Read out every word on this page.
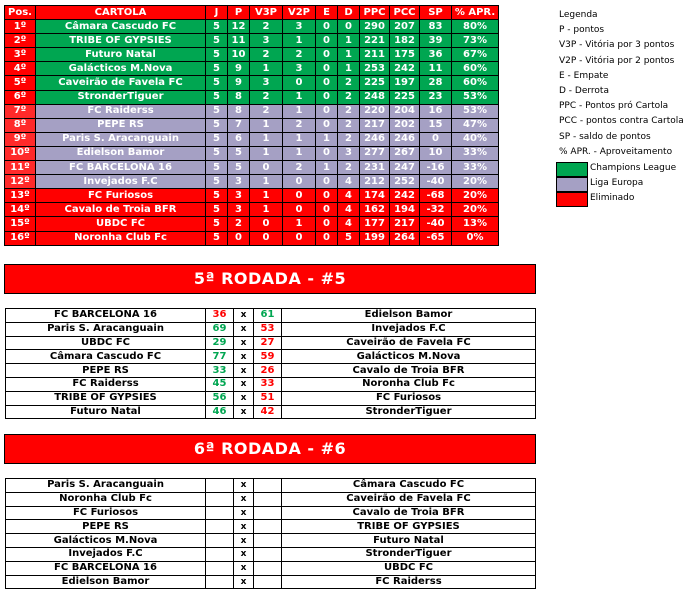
Pos.	CARTOLA	J	P	V3P	V2P	E	D	PPC	PCC	SP	% APR.
1º	Câmara Cascudo FC	5	12	2	3	0	0	290	207	83	80%
2º	TRIBE OF GYPSIES	5	11	3	1	0	1	221	182	39	73%
3º	Futuro Natal	5	10	2	2	0	1	211	175	36	67%
4º	Galácticos M.Nova	5	9	1	3	0	1	253	242	11	60%
5º	Caveirão de Favela FC	5	9	3	0	0	2	225	197	28	60%
6º	StronderTiguer	5	8	2	1	0	2	248	225	23	53%
7º	FC Raiderss	5	8	2	1	0	2	220	204	16	53%
8º	PEPE RS	5	7	1	2	0	2	217	202	15	47%
9º	Paris S. Aracanguain	5	6	1	1	1	2	246	246	0	40%
10º	Edielson Bamor	5	5	1	1	0	3	277	267	10	33%
11º	FC BARCELONA 16	5	5	0	2	1	2	231	247	-16	33%
12º	Invejados F.C	5	3	1	0	0	4	212	252	-40	20%
13º	FC Furiosos	5	3	1	0	0	4	174	242	-68	20%
14º	Cavalo de Troia BFR	5	3	1	0	0	4	162	194	-32	20%
15º	UBDC FC	5	2	0	1	0	4	177	217	-40	13%
16º	Noronha Club Fc	5	0	0	0	0	5	199	264	-65	0%
Legenda
P - pontos
V3P - Vitória por 3 pontos
V2P - Vitória por 2 pontos
E - Empate
D - Derrota
PPC - Pontos pró Cartola
PCC - pontos contra Cartola
SP - saldo de pontos
% APR. - Aproveitamento
Champions League
Liga Europa
Eliminado
5ª RODADA - #5
FC BARCELONA 16	36	x	61	Edielson Bamor
Paris S. Aracanguain	69	x	53	Invejados F.C
UBDC FC	29	x	27	Caveirão de Favela FC
Câmara Cascudo FC	77	x	59	Galácticos M.Nova
PEPE RS	33	x	26	Cavalo de Troia BFR
FC Raiderss	45	x	33	Noronha Club Fc
TRIBE OF GYPSIES	56	x	51	FC Furiosos
Futuro Natal	46	x	42	StronderTiguer
6ª RODADA - #6
Paris S. Aracanguain		x		Câmara Cascudo FC
Noronha Club Fc		x		Caveirão de Favela FC
FC Furiosos		x		Cavalo de Troia BFR
PEPE RS		x		TRIBE OF GYPSIES
Galácticos M.Nova		x		Futuro Natal
Invejados F.C		x		StronderTiguer
FC BARCELONA 16		x		UBDC FC
Edielson Bamor		x		FC Raiderss
